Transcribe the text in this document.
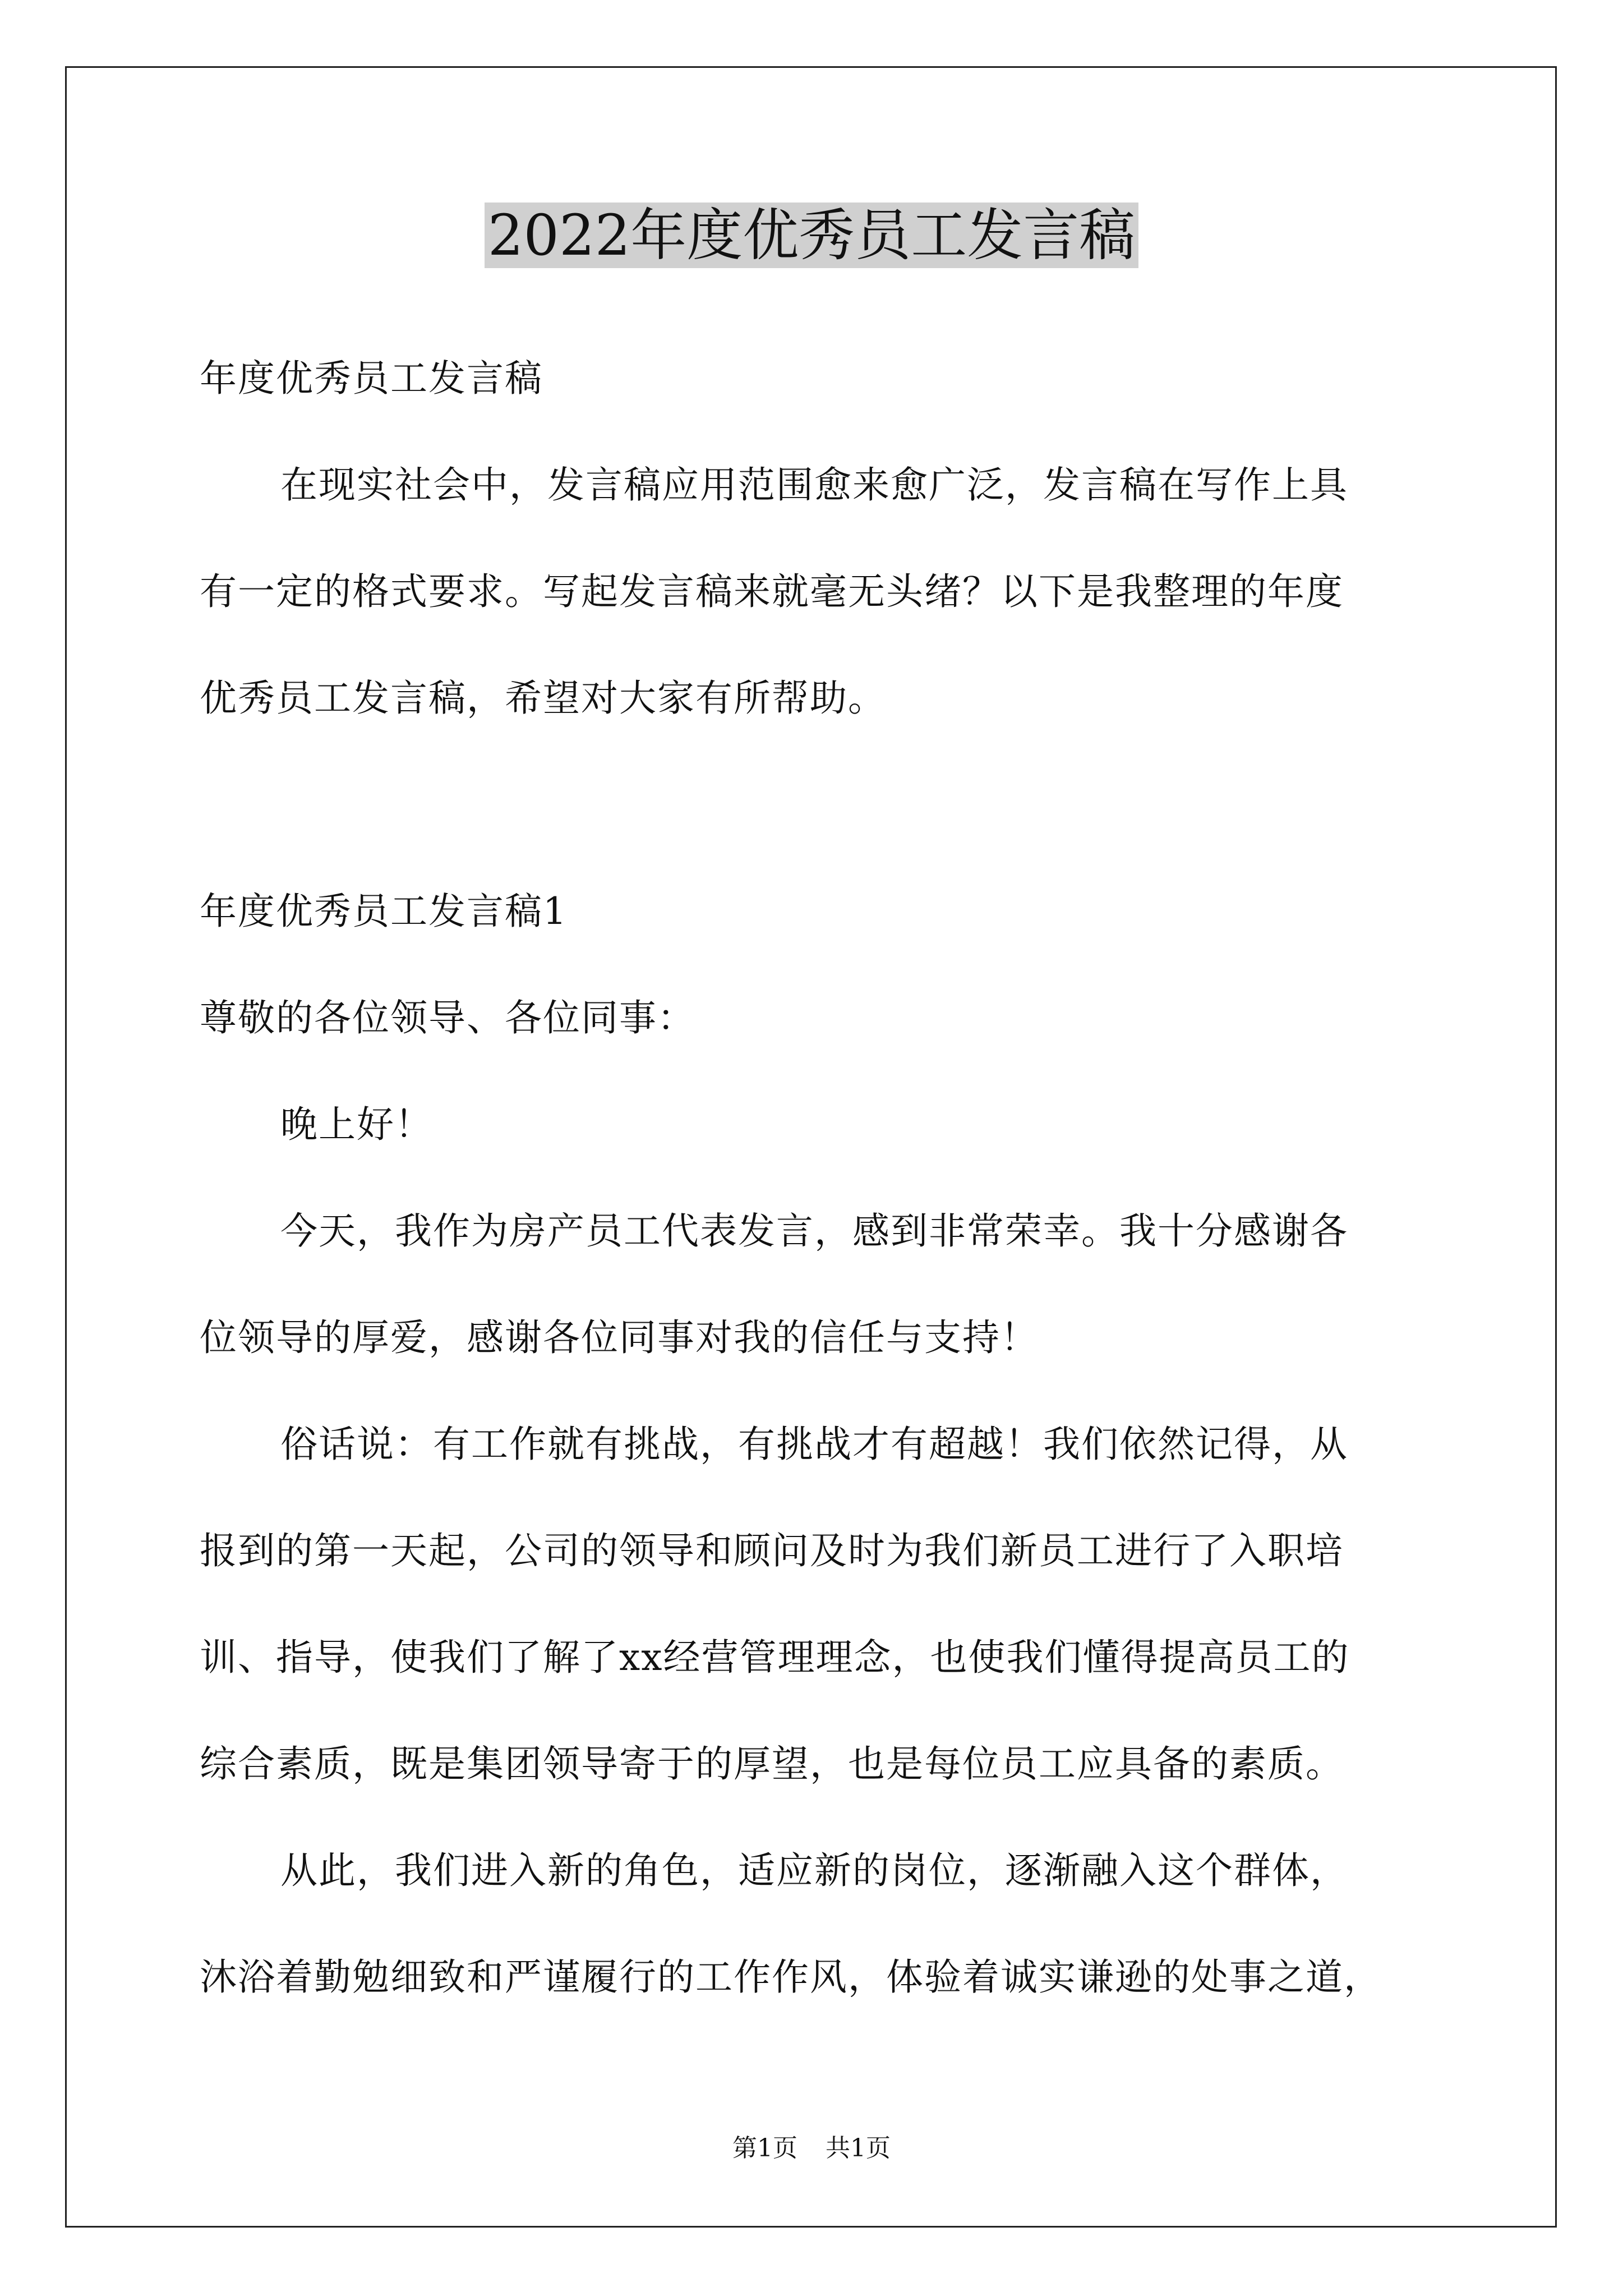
2022年度优秀员工发言稿

年度优秀员工发言稿

在现实社会中，发言稿应用范围愈来愈广泛，发言稿在写作上具

有一定的格式要求。写起发言稿来就毫无头绪？以下是我整理的年度

优秀员工发言稿，希望对大家有所帮助。

年度优秀员工发言稿1

尊敬的各位领导、各位同事：

晚上好！

今天，我作为房产员工代表发言，感到非常荣幸。我十分感谢各

位领导的厚爱，感谢各位同事对我的信任与支持！

俗话说：有工作就有挑战，有挑战才有超越！我们依然记得，从

报到的第一天起，公司的领导和顾问及时为我们新员工进行了入职培

训、指导，使我们了解了xx经营管理理念，也使我们懂得提高员工的

综合素质，既是集团领导寄于的厚望，也是每位员工应具备的素质。

从此，我们进入新的角色，适应新的岗位，逐渐融入这个群体，

沐浴着勤勉细致和严谨履行的工作作风，体验着诚实谦逊的处事之道，

第1页 共1页
